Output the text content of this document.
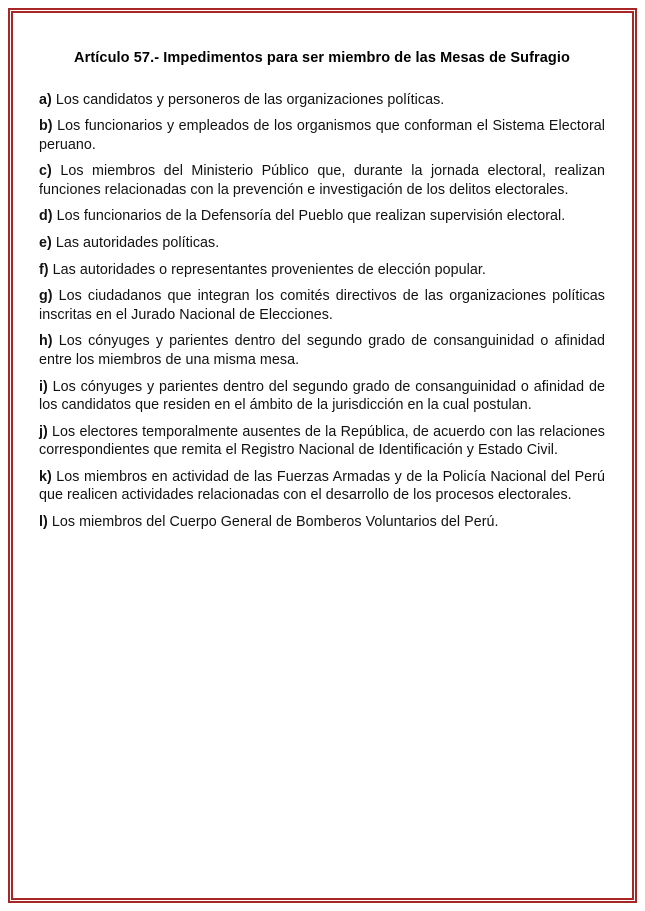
Artículo 57.- Impedimentos para ser miembro de las Mesas de Sufragio

a) Los candidatos y personeros de las organizaciones políticas.

b) Los funcionarios y empleados de los organismos que conforman el Sistema Electoral peruano.

c) Los miembros del Ministerio Público que, durante la jornada electoral, realizan funciones relacionadas con la prevención e investigación de los delitos electorales.

d) Los funcionarios de la Defensoría del Pueblo que realizan supervisión electoral.

e) Las autoridades políticas.

f) Las autoridades o representantes provenientes de elección popular.

g) Los ciudadanos que integran los comités directivos de las organizaciones políticas inscritas en el Jurado Nacional de Elecciones.

h) Los cónyuges y parientes dentro del segundo grado de consanguinidad o afinidad entre los miembros de una misma mesa.

i) Los cónyuges y parientes dentro del segundo grado de consanguinidad o afinidad de los candidatos que residen en el ámbito de la jurisdicción en la cual postulan.

j) Los electores temporalmente ausentes de la República, de acuerdo con las relaciones correspondientes que remita el Registro Nacional de Identificación y Estado Civil.

k) Los miembros en actividad de las Fuerzas Armadas y de la Policía Nacional del Perú que realicen actividades relacionadas con el desarrollo de los procesos electorales.

l) Los miembros del Cuerpo General de Bomberos Voluntarios del Perú.
